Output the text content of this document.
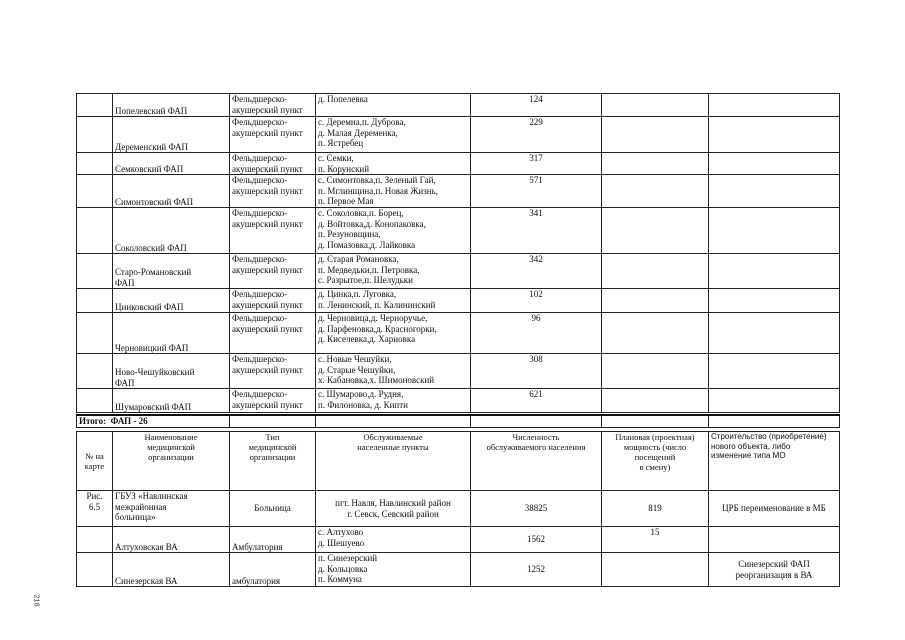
	Попелевский ФАП	Фельдшерско-
акушерский пункт	д. Попелевка	124		

	Деременский ФАП	Фельдшерско-
акушерский пункт	с. Деремна,п. Дуброва,
д. Малая Деременка,
п. Ястребец	229		

	Семковский ФАП	Фельдшерско-
акушерский пункт	с. Семки,
п. Корунский	317		

	Симонтовский ФАП	Фельдшерско-
акушерский пункт	с. Симонтовка,п. Зеленый Гай,
п. Мглинщина,п. Новая Жизнь,
п. Первое Мая	571		

	Соколовский ФАП	Фельдшерско-
акушерский пункт	с. Соколовка,п. Борец,
д. Войтовка,д. Конопаковка,
п. Резуновщина,
д. Помазовка,д. Лайковка	341		

	Старо-Романовский
ФАП	Фельдшерско-
акушерский пункт	д. Старая Романовка,
п. Медведьки,п. Петровка,
с. Разрытое,п. Шелудьки	342		

	Цинковский ФАП	Фельдшерско-
акушерский пункт	д. Цинка,п. Луговка,
п. Ленинский, п. Калининский	102		

	Черновицкий ФАП	Фельдшерско-
акушерский пункт	д. Черновица,д. Черноручье,
д. Парфеновка,д. Красногорки,
д. Киселевка,д. Хариовка	96		

	Ново-Чешуйковский
ФАП	Фельдшерско-
акушерский пункт	с. Новые Чешуйки,
д. Старые Чешуйки,
х. Кабановка,х. Шимоновский	308		

	Шумаровский ФАП	Фельдшерско-
акушерский пункт	с. Шумарово,д. Рудня,
п. Филоновка, д. Кипти	621		
Итого: ФАП - 26					
№ на
карте	Наименование
медицинской
организации	Тип
медицинской
организации	Обслуживаемые
населенные пункты	Численность
обслуживаемого населения	Плановая (проектная)
мощность (число
посещений
в смену)	Строительство (приобретение)
нового объекта, либо
изменение типа МО

Рис.
6.5	ГБУЗ «Навлинская
межрайонная
больница»	Больница	пгт. Навля, Навлинский район
г. Севск, Севский район	38825	819	ЦРБ переименование в МБ
	Алтуховская ВА	Амбулатория	с. Алтухово
д. Шешуево	1562	15	
	Синезерская ВА	амбулатория	п. Синезерский
д. Кольцовка
п. Коммуна	1252		Синезерский ФАП
реорганизация в ВА
218
